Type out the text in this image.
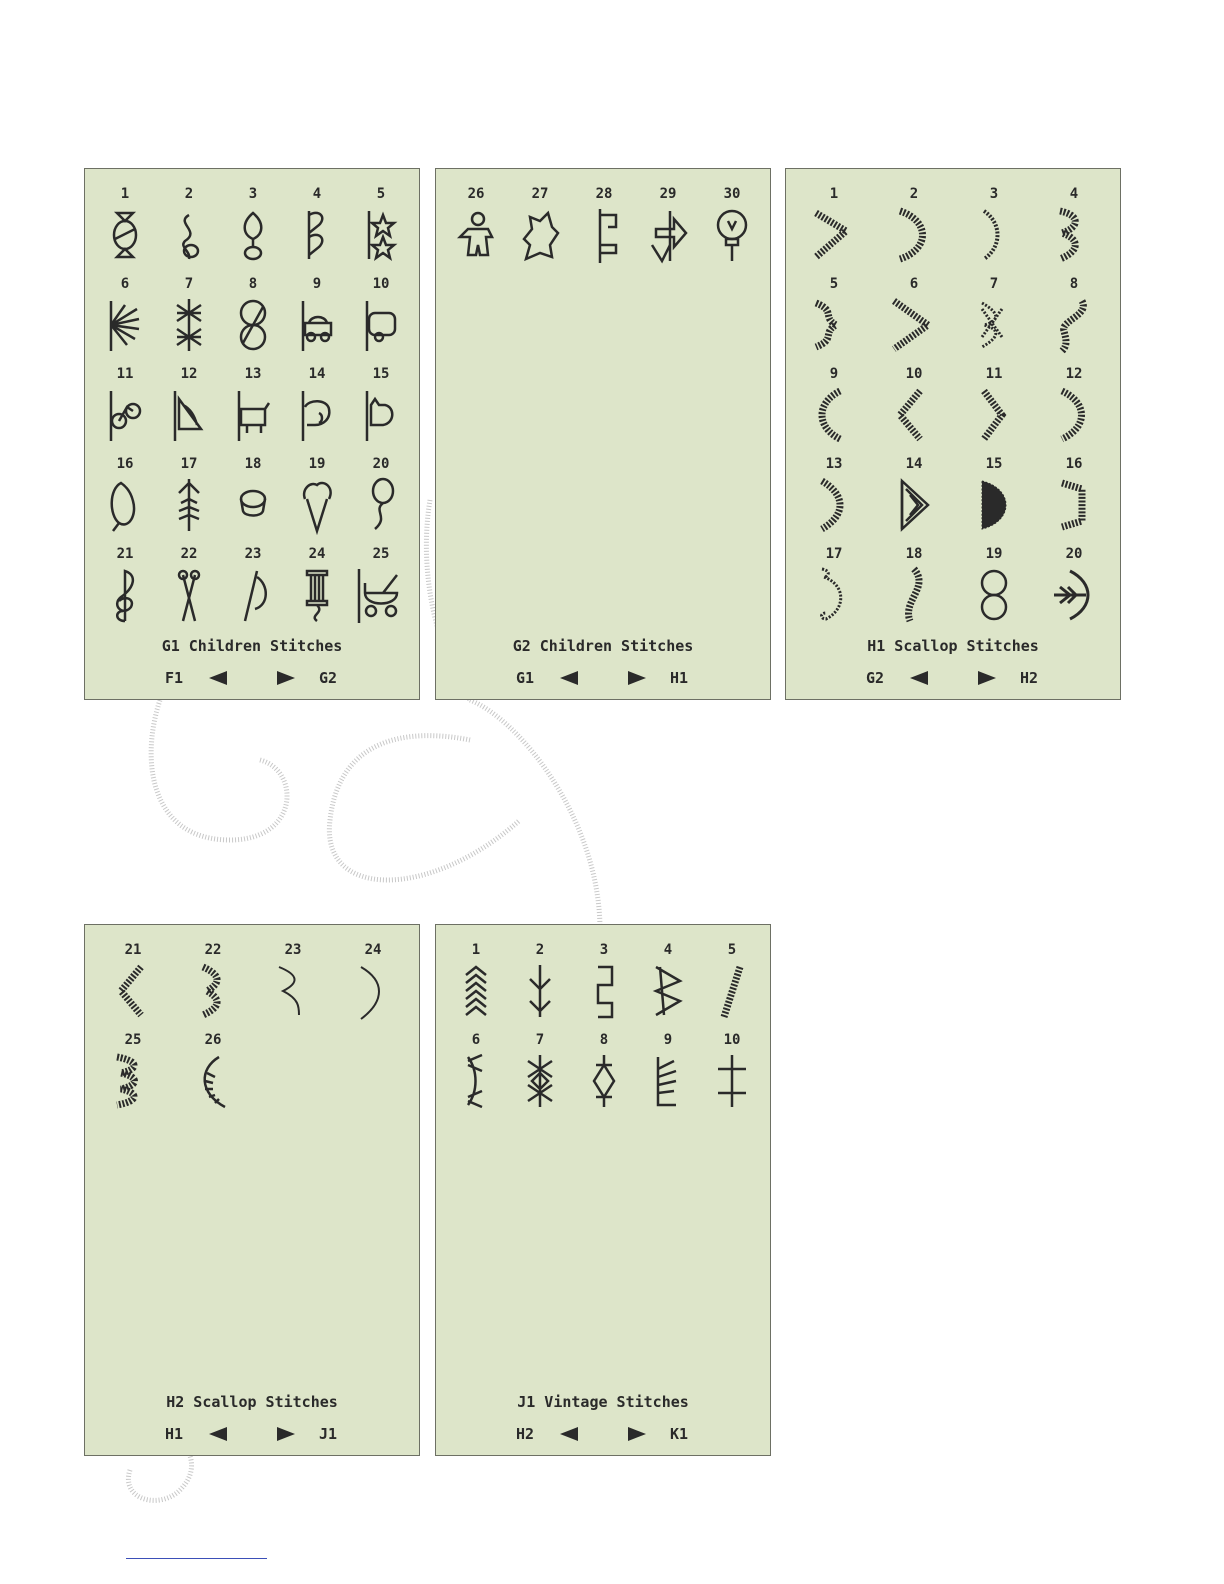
1	2	3	4	5
6	7	8	9	10
11	12	13	14	15
16	17	18	19	20
21	22	23	24	25
G1 Children Stitches
F1	G2
26	27	28	29	30
G2 Children Stitches
G1	H1
1	2	3	4
5	6	7	8
9	10	11	12
13	14	15	16
17	18	19	20
H1 Scallop Stitches
G2	H2
21	22	23	24
25	26
H2 Scallop Stitches
H1	J1
1	2	3	4	5
6	7	8	9	10
J1 Vintage Stitches
H2	K1
